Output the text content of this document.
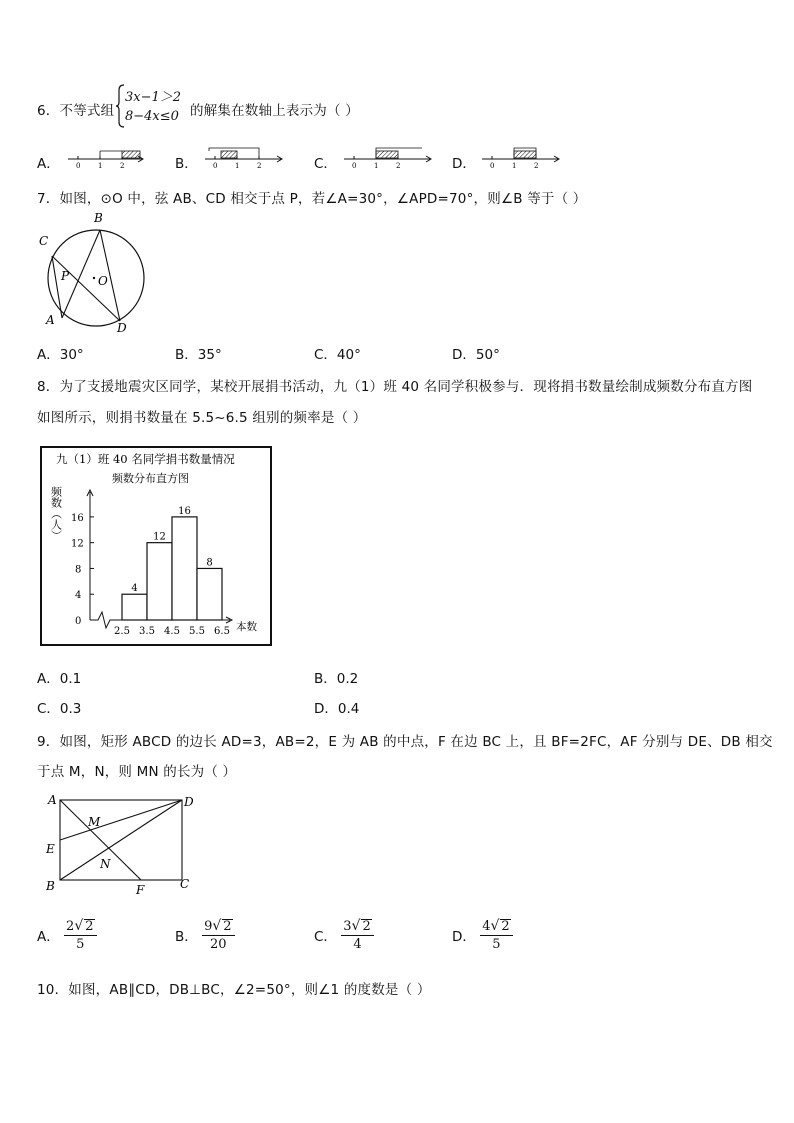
6．不等式组
3x−1＞2
8−4x≤0 的解集在数轴上表示为（ ）
A． 0	1	2	B． 0	1	2	C． 0	1	2	D． 0	1	2
7．如图，⊙O 中，弦 AB、CD 相交于点 P，若∠A=30°，∠APD=70°，则∠B 等于（ ）
B
C
P O
A
D
A．30°	B．35°	C．40°	D．50°
8．为了支援地震灾区同学，某校开展捐书活动，九（1）班 40 名同学积极参与．现将捐书数量绘制成频数分布直方图
如图所示，则捐书数量在 5.5~6.5 组别的频率是（ ）
九（1）班 40 名同学捐书数量情况
频数分布直方图
频数（人）
本数
0
4
8
12
16
4
12
16
8
2.5 3.5 4.5 5.5 6.5
A．0.1	B．0.2
C．0.3	D．0.4
9．如图，矩形 ABCD 的边长 AD=3，AB=2，E 为 AB 的中点，F 在边 BC 上，且 BF=2FC，AF 分别与 DE、DB 相交
于点 M，N，则 MN 的长为（ ）
A	D
M
E
N
B	F	C
A． $\frac{2√ 2}{5}$	B． $\frac{9√ 2}{20}$	C． $\frac{3√ 2}{4}$	D． $\frac{4√ 2}{5}$
10．如图，AB∥CD，DB⊥BC，∠2=50°，则∠1 的度数是（ ）
